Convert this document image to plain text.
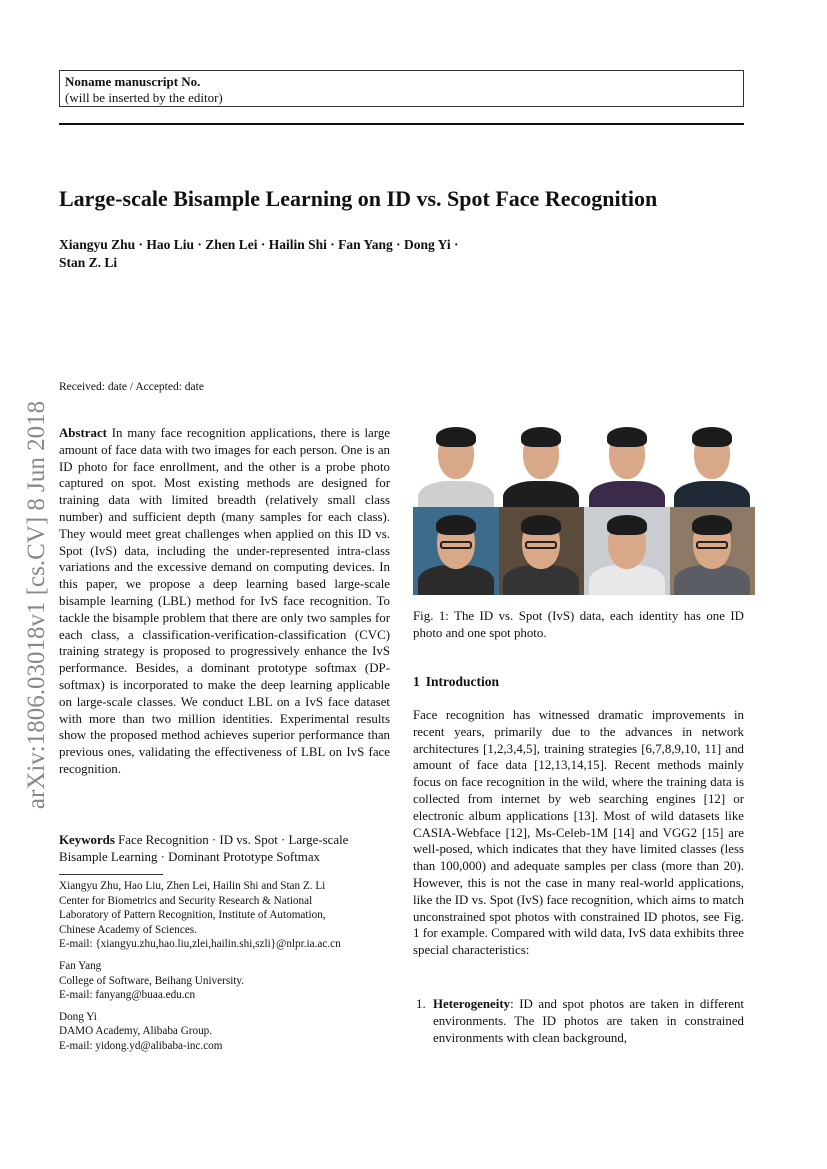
Noname manuscript No.
(will be inserted by the editor)
Large-scale Bisample Learning on ID vs. Spot Face Recognition
Xiangyu Zhu · Hao Liu · Zhen Lei · Hailin Shi · Fan Yang · Dong Yi ·
Stan Z. Li
arXiv:1806.03018v1 [cs.CV] 8 Jun 2018
Received: date / Accepted: date
Abstract In many face recognition applications, there is large amount of face data with two images for each person. One is an ID photo for face enrollment, and the other is a probe photo captured on spot. Most existing methods are designed for training data with limited breadth (relatively small class number) and sufficient depth (many samples for each class). They would meet great challenges when applied on this ID vs. Spot (IvS) data, including the under-represented intra-class variations and the excessive demand on computing devices. In this paper, we propose a deep learning based large-scale bisample learning (LBL) method for IvS face recognition. To tackle the bisample problem that there are only two samples for each class, a classification-verification-classification (CVC) training strategy is proposed to progressively enhance the IvS performance. Besides, a dominant prototype softmax (DP-softmax) is incorporated to make the deep learning applicable on large-scale classes. We conduct LBL on a IvS face dataset with more than two million identities. Experimental results show the proposed method achieves superior performance than previous ones, validating the effectiveness of LBL on IvS face recognition.
Keywords Face Recognition · ID vs. Spot · Large-scale Bisample Learning · Dominant Prototype Softmax
Xiangyu Zhu, Hao Liu, Zhen Lei, Hailin Shi and Stan Z. Li
Center for Biometrics and Security Research & National
Laboratory of Pattern Recognition, Institute of Automation,
Chinese Academy of Sciences.
E-mail: {xiangyu.zhu,hao.liu,zlei,hailin.shi,szli}@nlpr.ia.ac.cn
Fan Yang
College of Software, Beihang University.
E-mail: fanyang@buaa.edu.cn
Dong Yi
DAMO Academy, Alibaba Group.
E-mail: yidong.yd@alibaba-inc.com
Fig. 1: The ID vs. Spot (IvS) data, each identity has one ID photo and one spot photo.
1 Introduction
Face recognition has witnessed dramatic improvements in recent years, primarily due to the advances in network architectures [1,2,3,4,5], training strategies [6,7,8,9,10, 11] and amount of face data [12,13,14,15]. Recent methods mainly focus on face recognition in the wild, where the training data is collected from internet by web searching engines [12] or electronic album applications [13]. Most of wild datasets like CASIA-Webface [12], Ms-Celeb-1M [14] and VGG2 [15] are well-posed, which indicates that they have limited classes (less than 100,000) and adequate samples per class (more than 20). However, this is not the case in many real-world applications, like the ID vs. Spot (IvS) face recognition, which aims to match unconstrained spot photos with constrained ID photos, see Fig. 1 for example. Compared with wild data, IvS data exhibits three special characteristics:
1. Heterogeneity: ID and spot photos are taken in different environments. The ID photos are taken in constrained environments with clean background,
